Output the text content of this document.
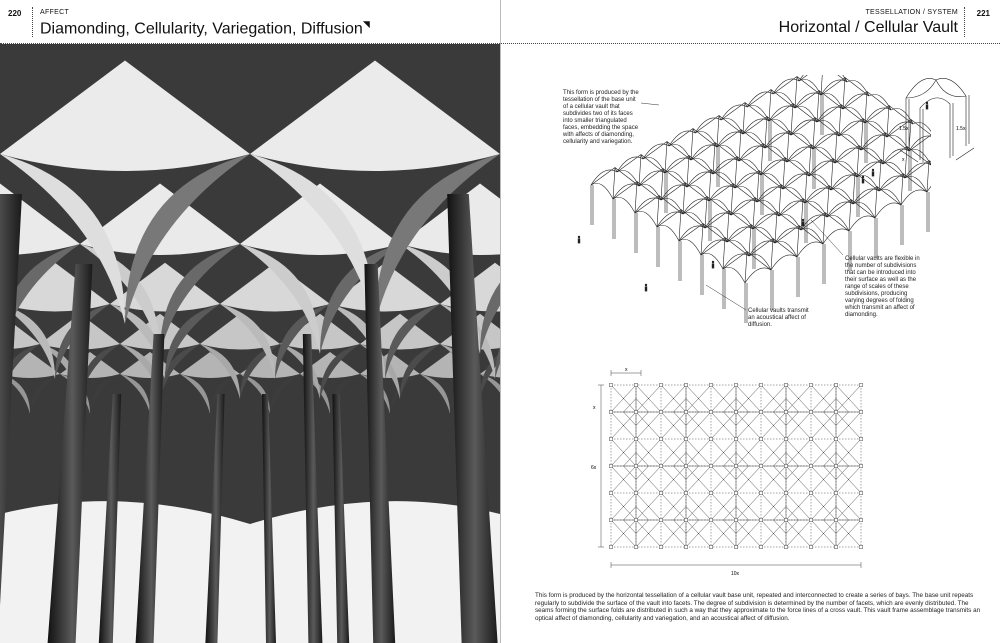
220	AFFECT
Diamonding, Cellularity, Variegation, Diffusion◥
TESSELLATION / SYSTEM
Horizontal / Cellular Vault
221
This form is produced by the tessellation of the base unit of a cellular vault that subdivides two of its faces into smaller triangulated faces, embedding the space with affects of diamonding, cellularity and variegation.
Cellular vaults are flexible in the number of subdivisions that can be introduced into their surface as well as the range of scales of these subdivisions, producing varying degrees of folding which transmit an affect of diamonding.
Cellular vaults transmit an acoustical affect of diffusion.
1.5x	1.5x
x
x
x
6x
10x
This form is produced by the horizontal tessellation of a cellular vault base unit, repeated and interconnected to create a series of bays. The base unit repeats regularly to subdivide the surface of the vault into facets. The degree of subdivision is determined by the number of facets, which are evenly distributed. The seams forming the surface folds are distributed in such a way that they approximate to the force lines of a cross vault. This vault frame assemblage transmits an optical affect of diamonding, cellularity and variegation, and an acoustical affect of diffusion.
